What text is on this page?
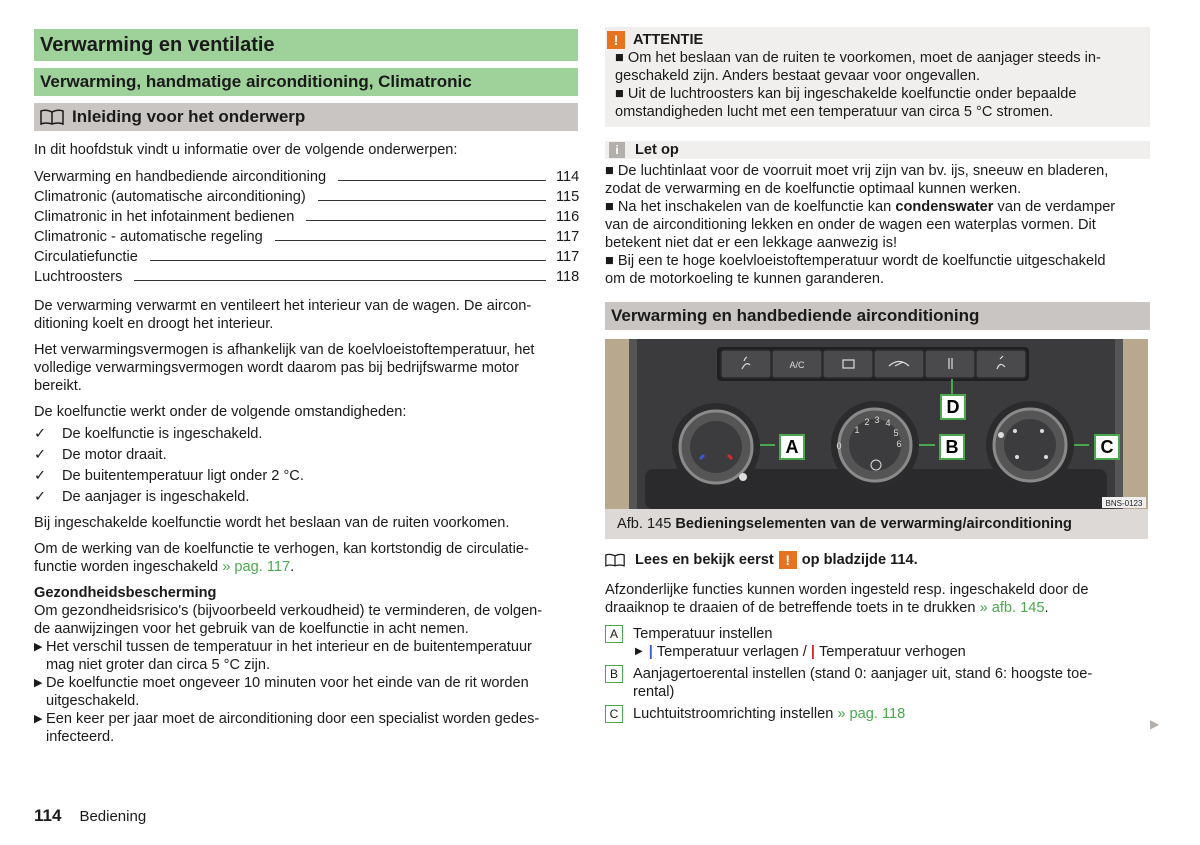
Verwarming en ventilatie
Verwarming, handmatige airconditioning, Climatronic
Inleiding voor het onderwerp

In dit hoofdstuk vindt u informatie over de volgende onderwerpen:

Verwarming en handbediende airconditioning	114
Climatronic (automatische airconditioning)	115
Climatronic in het infotainment bedienen	116
Climatronic - automatische regeling	117
Circulatiefunctie	117
Luchtroosters	118

De verwarming verwarmt en ventileert het interieur van de wagen. De aircon-
ditioning koelt en droogt het interieur.

Het verwarmingsvermogen is afhankelijk van de koelvloeistoftemperatuur, het
volledige verwarmingsvermogen wordt daarom pas bij bedrijfswarme motor
bereikt.

De koelfunctie werkt onder de volgende omstandigheden:

✓	De koelfunctie is ingeschakeld.
✓	De motor draait.
✓	De buitentemperatuur ligt onder 2 °C.
✓	De aanjager is ingeschakeld.

Bij ingeschakelde koelfunctie wordt het beslaan van de ruiten voorkomen.

Om de werking van de koelfunctie te verhogen, kan kortstondig de circulatie-
functie worden ingeschakeld » pag. 117.

Gezondheidsbescherming

Om gezondheidsrisico's (bijvoorbeeld verkoudheid) te verminderen, de volgen-
de aanwijzingen voor het gebruik van de koelfunctie in acht nemen.

▶ Het verschil tussen de temperatuur in het interieur en de buitentemperatuur
mag niet groter dan circa 5 °C zijn.
▶ De koelfunctie moet ongeveer 10 minuten voor het einde van de rit worden
uitgeschakeld.
▶ Een keer per jaar moet de airconditioning door een specialist worden gedes-
infecteerd.
114 Bediening
!	ATTENTIE

■ Om het beslaan van de ruiten te voorkomen, moet de aanjager steeds in-
geschakeld zijn. Anders bestaat gevaar voor ongevallen.
■ Uit de luchtroosters kan bij ingeschakelde koelfunctie onder bepaalde
omstandigheden lucht met een temperatuur van circa 5 °C stromen.

i	Let op

■ De luchtinlaat voor de voorruit moet vrij zijn van bv. ijs, sneeuw en bladeren,
zodat de verwarming en de koelfunctie optimaal kunnen werken.

■ Na het inschakelen van de koelfunctie kan condenswater van de verdamper
van de airconditioning lekken en onder de wagen een waterplas vormen. Dit
betekent niet dat er een lekkage aanwezig is!

■ Bij een te hoge koelvloeistoftemperatuur wordt de koelfunctie uitgeschakeld
om de motorkoeling te kunnen garanderen.

Verwarming en handbediende airconditioning
A/C
0
1
2 3 4
5
6
BNS-0123
A	B	C
D
Afb. 145 Bedieningselementen van de verwarming/airconditioning
Lees en bekijk eerst ! op bladzijde 114.

Afzonderlijke functies kunnen worden ingesteld resp. ingeschakeld door de
draaiknop te draaien of de betreffende toets in te drukken » afb. 145.

A	Temperatuur instellen
▶ | Temperatuur verlagen / | Temperatuur verhogen
B	Aanjagertoerental instellen (stand 0: aanjager uit, stand 6: hoogste toe-
rental)
C	Luchtuitstroomrichting instellen » pag. 118
▶
